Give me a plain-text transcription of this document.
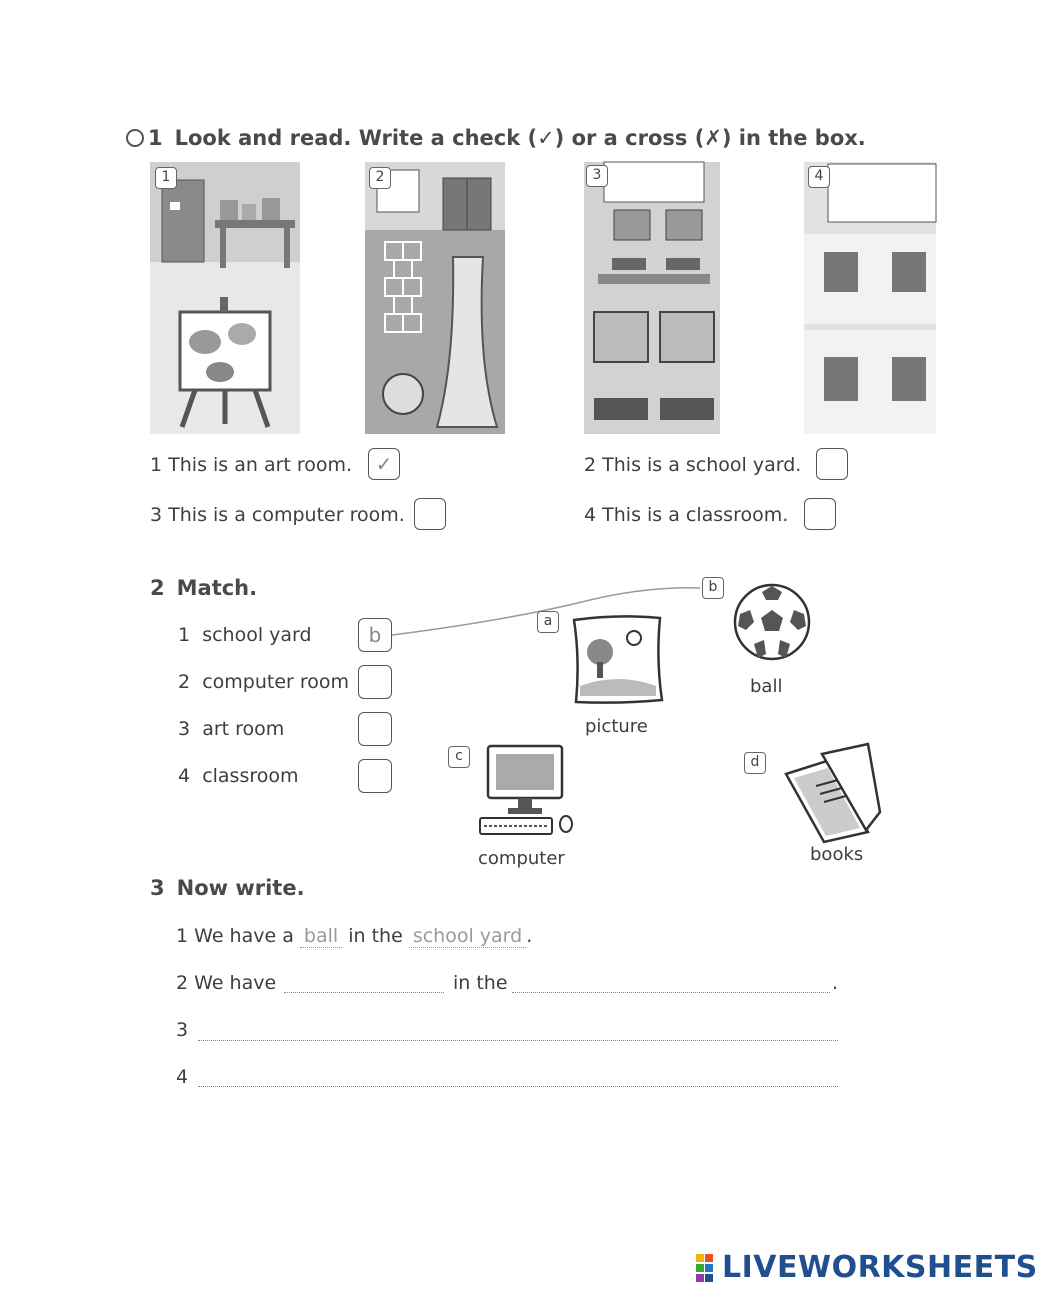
1 Look and read. Write a check (✓) or a cross (✗) in the box.
1	2	3	4
1 This is an art room.	✓	2 This is a school yard.
3 This is a computer room.	4 This is a classroom.
2 Match.
1 school yard	b
2 computer room
3 art room
4 classroom
a
picture
b
ball
c
computer
d
books
3 Now write.
1 We have a ball in the school yard .
2 We have	in the	.
3
4
LIVEWORKSHEETS
